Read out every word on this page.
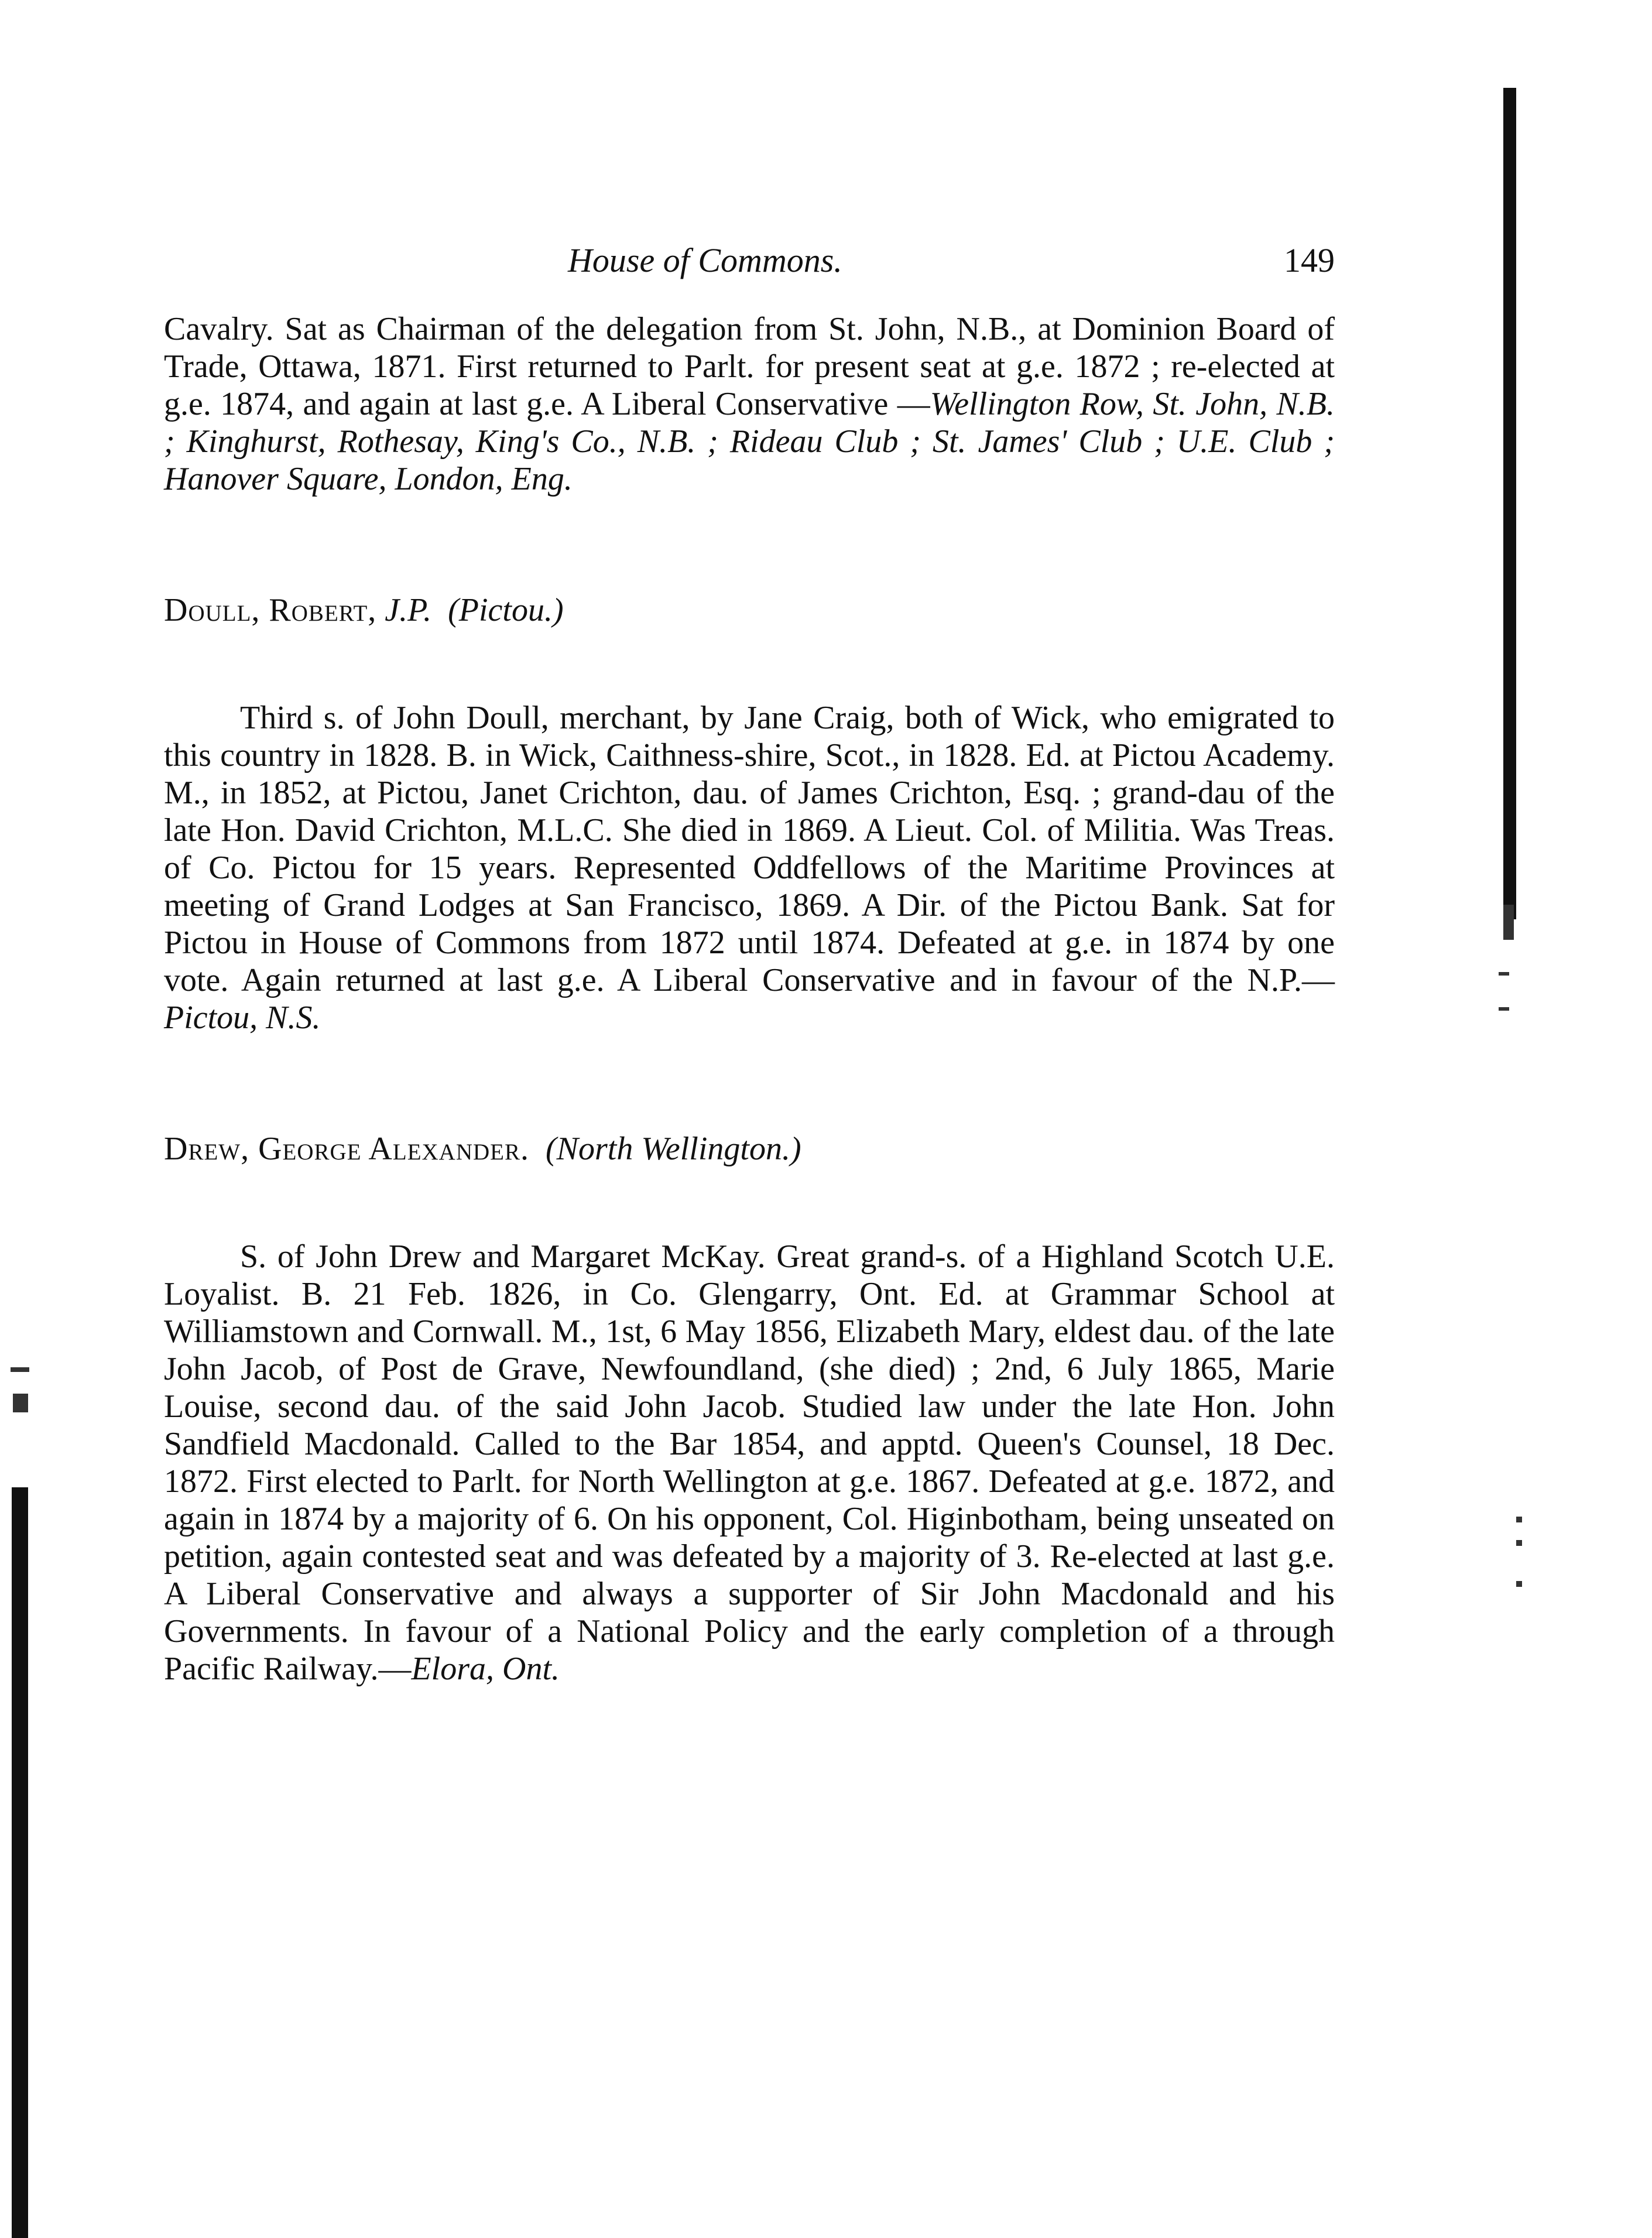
House of Commons.	149

Cavalry. Sat as Chairman of the delegation from St. John, N.B., at Dominion Board of Trade, Ottawa, 1871. First returned to Parlt. for present seat at g.e. 1872 ; re-elected at g.e. 1874, and again at last g.e. A Liberal Conservative —Wellington Row, St. John, N.B. ; Kinghurst, Rothesay, King's Co., N.B. ; Rideau Club ; St. James' Club ; U.E. Club ; Hanover Square, London, Eng.

Doull, Robert, J.P. (Pictou.)

Third s. of John Doull, merchant, by Jane Craig, both of Wick, who emigrated to this country in 1828. B. in Wick, Caithness-shire, Scot., in 1828. Ed. at Pictou Academy. M., in 1852, at Pictou, Janet Crichton, dau. of James Crichton, Esq. ; grand-dau of the late Hon. David Crichton, M.L.C. She died in 1869. A Lieut. Col. of Militia. Was Treas. of Co. Pictou for 15 years. Represented Oddfellows of the Maritime Provinces at meeting of Grand Lodges at San Francisco, 1869. A Dir. of the Pictou Bank. Sat for Pictou in House of Commons from 1872 until 1874. Defeated at g.e. in 1874 by one vote. Again returned at last g.e. A Liberal Conservative and in favour of the N.P.—Pictou, N.S.

Drew, George Alexander. (North Wellington.)

S. of John Drew and Margaret McKay. Great grand-s. of a Highland Scotch U.E. Loyalist. B. 21 Feb. 1826, in Co. Glengarry, Ont. Ed. at Grammar School at Williamstown and Cornwall. M., 1st, 6 May 1856, Elizabeth Mary, eldest dau. of the late John Jacob, of Post de Grave, Newfoundland, (she died) ; 2nd, 6 July 1865, Marie Louise, second dau. of the said John Jacob. Studied law under the late Hon. John Sandfield Macdonald. Called to the Bar 1854, and apptd. Queen's Counsel, 18 Dec. 1872. First elected to Parlt. for North Wellington at g.e. 1867. Defeated at g.e. 1872, and again in 1874 by a majority of 6. On his opponent, Col. Higinbotham, being unseated on petition, again contested seat and was defeated by a majority of 3. Re-elected at last g.e. A Liberal Conservative and always a supporter of Sir John Macdonald and his Governments. In favour of a National Policy and the early completion of a through Pacific Railway.—Elora, Ont.
